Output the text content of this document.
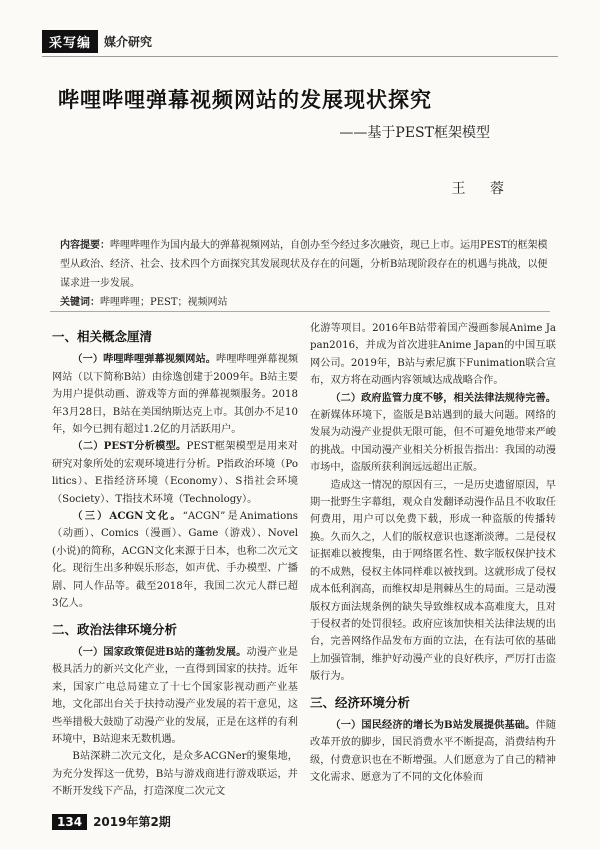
采写编	媒介研究
哔哩哔哩弹幕视频网站的发展现状探究
——基于PEST框架模型
王 蓉

内容提要：哔哩哔哩作为国内最大的弹幕视频网站，自创办至今经过多次融资，现已上市。运用PEST的框架模型从政治、经济、社会、技术四个方面探究其发展现状及存在的问题，分析B站现阶段存在的机遇与挑战，以便谋求进一步发展。

关键词：哔哩哔哩；PEST；视频网站

一、相关概念厘清

（一）哔哩哔哩弹幕视频网站。哔哩哔哩弹幕视频网站（以下简称B站）由徐逸创建于2009年。B站主要为用户提供动画、游戏等方面的弹幕视频服务。2018年3月28日，B站在美国纳斯达克上市。其创办不足10年，如今已拥有超过1.2亿的月活跃用户。

（二）PEST分析模型。PEST框架模型是用来对研究对象所处的宏观环境进行分析。P指政治环境（Politics）、E指经济环境（Economy）、S指社会环境（Society）、T指技术环境（Technology）。

（三）ACGN文化。“ACGN”是Animations（动画）、Comics（漫画）、Game（游戏）、Novel(小说)的简称，ACGN文化来源于日本，也称二次元文化。现衍生出多种娱乐形态，如声优、手办模型、广播剧、同人作品等。截至2018年，我国二次元人群已超3亿人。

二、政治法律环境分析

（一）国家政策促进B站的蓬勃发展。动漫产业是极具活力的新兴文化产业，一直得到国家的扶持。近年来，国家广电总局建立了十七个国家影视动画产业基地，文化部出台关于扶持动漫产业发展的若干意见，这些举措极大鼓励了动漫产业的发展，正是在这样的有利环境中，B站迎来无数机遇。

B站深耕二次元文化，是众多ACGNer的聚集地，为充分发挥这一优势，B站与游戏商进行游戏联运，并不断开发线下产品，打造深度二次元文

化游等项目。2016年B站带着国产漫画参展Anime Japan2016，并成为首次进驻Anime Japan的中国互联网公司。2019年，B站与索尼旗下Funimation联合宣布，双方将在动画内容领域达成战略合作。

（二）政府监管力度不够，相关法律法规待完善。在新媒体环境下，盗版是B站遇到的最大问题。网络的发展为动漫产业提供无限可能，但不可避免地带来严峻的挑战。中国动漫产业相关分析报告指出：我国的动漫市场中，盗版所获利润远远超出正版。

造成这一情况的原因有三，一是历史遗留原因，早期一批野生字幕组，观众自发翻译动漫作品且不收取任何费用，用户可以免费下载，形成一种盗版的传播转换。久而久之，人们的版权意识也逐渐淡薄。二是侵权证据难以被搜集，由于网络匿名性、数字版权保护技术的不成熟，侵权主体同样难以被找到。这就形成了侵权成本低利润高，而维权却是荆棘丛生的局面。三是动漫版权方面法规条例的缺失导致维权成本高难度大，且对于侵权者的处罚很轻。政府应该加快相关法律法规的出台，完善网络作品发布方面的立法，在有法可依的基础上加强管制，维护好动漫产业的良好秩序，严厉打击盗版行为。

三、经济环境分析

（一）国民经济的增长为B站发展提供基础。伴随改革开放的脚步，国民消费水平不断提高，消费结构升级，付费意识也在不断增强。人们愿意为了自己的精神文化需求、愿意为了不同的文化体验而

134 2019年第2期
